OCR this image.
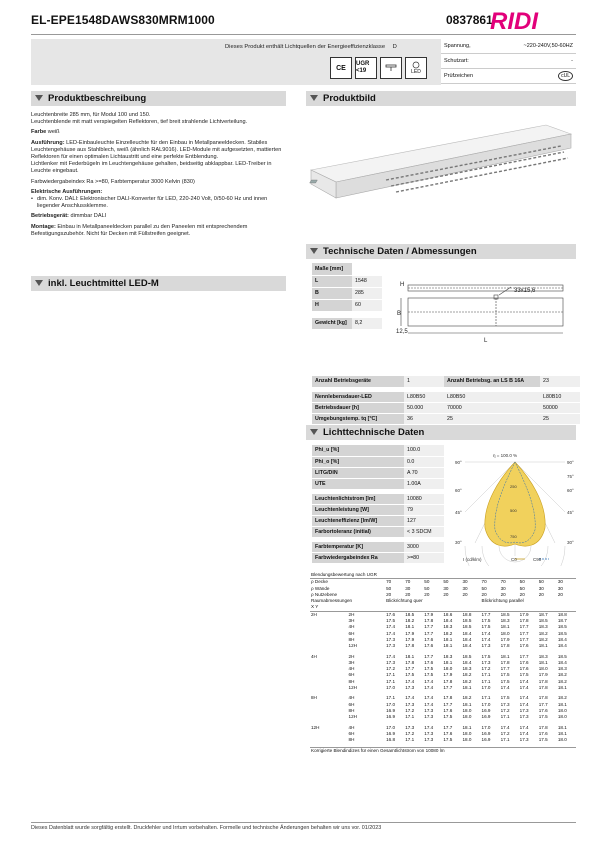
EL-EPE1548DAWS830MRM1000	0837861
RIDI
Dieses Produkt enthält Lichtquellen der Energieeffizienzklasse D
CE
UGR <19	LED
Spannung,	~220-240V,50-60HZ
Schutzart:	-
Prüfzeichen	cUL
Produktbeschreibung	Produktbild

Leuchtenbreite 285 mm, für Modul 100 und 150.
Leuchtenblende mit matt verspiegelten Reflektoren, tief breit strahlende Lichtverteilung.

Farbe weiß

Ausführung: LED-Einbauleuchte Einzelleuchte für den Einbau in Metallpaneeldecken. Stabiles Leuchtengehäuse aus Stahlblech, weiß (ähnlich RAL9016). LED-Module mit aufgesetzten, mattierten Reflektoren für einen optimalen Lichtaustritt und eine perfekte Entblendung.
Lichtlenker mit Federbügeln im Leuchtengehäuse gehalten, beidseitig abklappbar. LED-Treiber in Leuchte eingebaut.

Farbwiedergabeindex Ra >=80, Farbtemperatur 3000 Kelvin (830)

Elektrische Ausführungen:

• dim. Konv. DALI: Elektronischer DALI-Konverter für LED, 220-240 Volt, 0/50-60 Hz und innen liegender Anschlussklemme.

Betriebsgerät: dimmbar DALI

Montage: Einbau in Metallpaneeldecken parallel zu den Paneelen mit entsprechendem Befestigungszubehör. Nicht für Decken mit Füllstreifen geeignet.

inkl. Leuchtmittel LED-M
Technische Daten / Abmessungen
Maße [mm]	
L	1548
B	285
H	60

Gewicht [kg]	8,2
H
B
L
33x15,6
12,5
Anzahl Betriebsgeräte	1	Anzahl Betriebsg. an LS B 16A	23

Nennlebensdauer-LED	L80B50	L80B50	L80B10
Betriebsdauer [h]	50.000	70000	50000
Umgebungstemp. tq [°C]	36	25	25
Lichttechnische Daten
Phi_u [%]	100.0
Phi_o [%]	0.0
LITG/DIN	A 70
UTE	1.00A

Leuchtenlichtstrom [lm]	10080
Leuchtenleistung [W]	79
Leuchteneffizienz [lm/W]	127
Farbortoleranz (initial)	< 3 SDCM

Farbtemperatur [K]	3000
Farbwiedergabeindex Ra	>=80
η = 100.0 %
90°
60°
45°
30°
90°
75°
60°
45°
30°
250
500
750
I (cd/klm)	C0	C90
Blendungsbewertung nach UGR											
ρ Decke		70	70	50	50	30	70	70	50	50	30
ρ Wände		50	30	50	30	30	50	30	50	30	30
ρ Nutzebene		20	20	20	20	20	20	20	20	20	20
Raumabmessungen		Blickrichtung quer					Blickrichtung parallel				
X Y											
2H	2H	17.6	18.5	17.9	18.6	18.8	17.7	18.5	17.9	18.7	18.8
	3H	17.5	18.2	17.8	18.4	18.5	17.5	18.3	17.8	18.5	18.7
	4H	17.4	18.1	17.7	18.3	18.5	17.5	18.1	17.7	18.3	18.5
	6H	17.4	17.9	17.7	18.2	18.4	17.4	18.0	17.7	18.2	18.5
	8H	17.3	17.9	17.6	18.1	18.4	17.4	17.9	17.7	18.2	18.4
	12H	17.3	17.8	17.6	18.1	18.4	17.3	17.8	17.6	18.1	18.4

4H	2H	17.4	18.1	17.7	18.3	18.5	17.5	18.1	17.7	18.3	18.5
	3H	17.3	17.8	17.6	18.1	18.4	17.3	17.8	17.6	18.1	18.4
	4H	17.2	17.7	17.5	18.0	18.3	17.2	17.7	17.6	18.0	18.3
	6H	17.1	17.5	17.5	17.9	18.2	17.1	17.5	17.5	17.9	18.2
	8H	17.1	17.4	17.4	17.8	18.2	17.1	17.5	17.4	17.8	18.2
	12H	17.0	17.3	17.4	17.7	18.1	17.0	17.4	17.4	17.8	18.1

8H	4H	17.1	17.4	17.4	17.8	18.2	17.1	17.5	17.4	17.8	18.2
	6H	17.0	17.3	17.4	17.7	18.1	17.0	17.3	17.4	17.7	18.1
	8H	16.9	17.2	17.3	17.6	18.0	16.9	17.2	17.3	17.6	18.0
	12H	16.9	17.1	17.3	17.5	18.0	16.9	17.1	17.3	17.5	18.0

12H	4H	17.0	17.3	17.4	17.7	18.1	17.0	17.4	17.4	17.8	18.1
	6H	16.9	17.2	17.3	17.6	18.0	16.9	17.2	17.4	17.6	18.1
	8H	16.8	17.1	17.3	17.5	18.0	16.9	17.1	17.3	17.5	18.0

Korrigierte Blendindizes für einen Gesamtlichtstrom von 10080 lm											
Dieses Datenblatt wurde sorgfältig erstellt. Druckfehler und Irrtum vorbehalten. Formelle und technische Änderungen behalten wir uns vor. 01/2023
